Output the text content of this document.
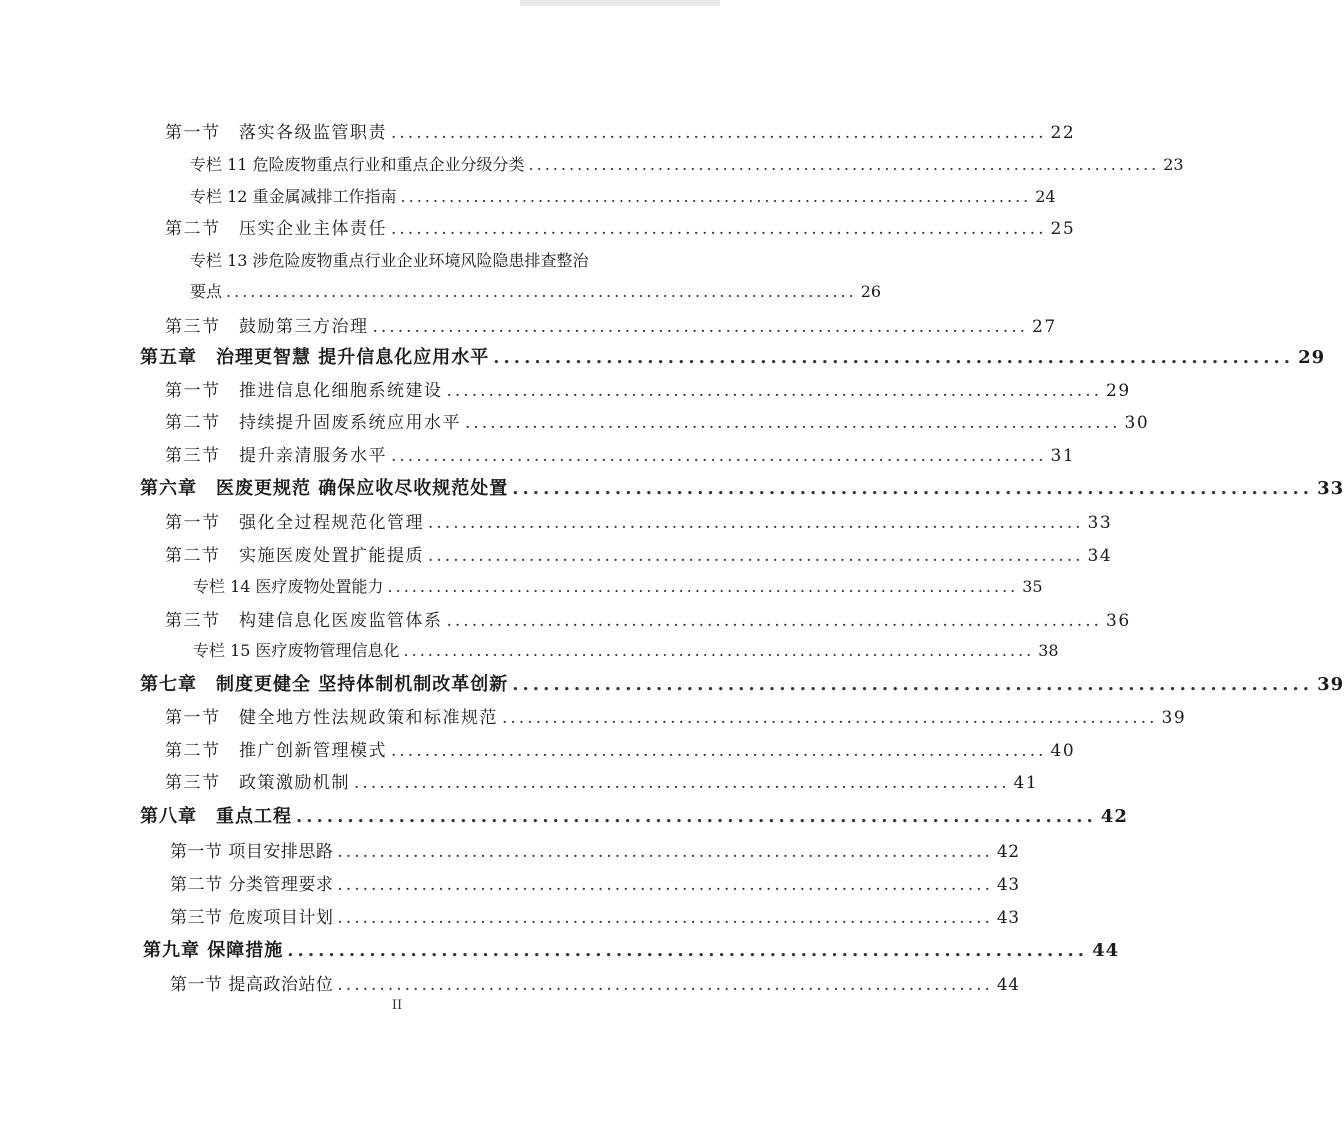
第一节　落实各级监管职责 .............................................................................. 22
专栏 11 危险废物重点行业和重点企业分级分类 .............................................................................. 23
专栏 12 重金属减排工作指南 .............................................................................. 24
第二节　压实企业主体责任 .............................................................................. 25
专栏 13 涉危险废物重点行业企业环境风险隐患排查整治
要点 .............................................................................. 26
第三节　鼓励第三方治理 .............................................................................. 27
第五章　治理更智慧 提升信息化应用水平 .............................................................................. 29
第一节　推进信息化细胞系统建设 .............................................................................. 29
第二节　持续提升固废系统应用水平 .............................................................................. 30
第三节　提升亲清服务水平 .............................................................................. 31
第六章　医废更规范 确保应收尽收规范处置 .............................................................................. 33
第一节　强化全过程规范化管理 .............................................................................. 33
第二节　实施医废处置扩能提质 .............................................................................. 34
专栏 14 医疗废物处置能力 .............................................................................. 35
第三节　构建信息化医废监管体系 .............................................................................. 36
专栏 15 医疗废物管理信息化 .............................................................................. 38
第七章　制度更健全 坚持体制机制改革创新 .............................................................................. 39
第一节　健全地方性法规政策和标准规范 .............................................................................. 39
第二节　推广创新管理模式 .............................................................................. 40
第三节　政策激励机制 .............................................................................. 41
第八章　重点工程 .............................................................................. 42
第一节 项目安排思路 .............................................................................. 42
第二节 分类管理要求 .............................................................................. 43
第三节 危废项目计划 .............................................................................. 43
第九章 保障措施 .............................................................................. 44
第一节 提高政治站位 .............................................................................. 44
II
